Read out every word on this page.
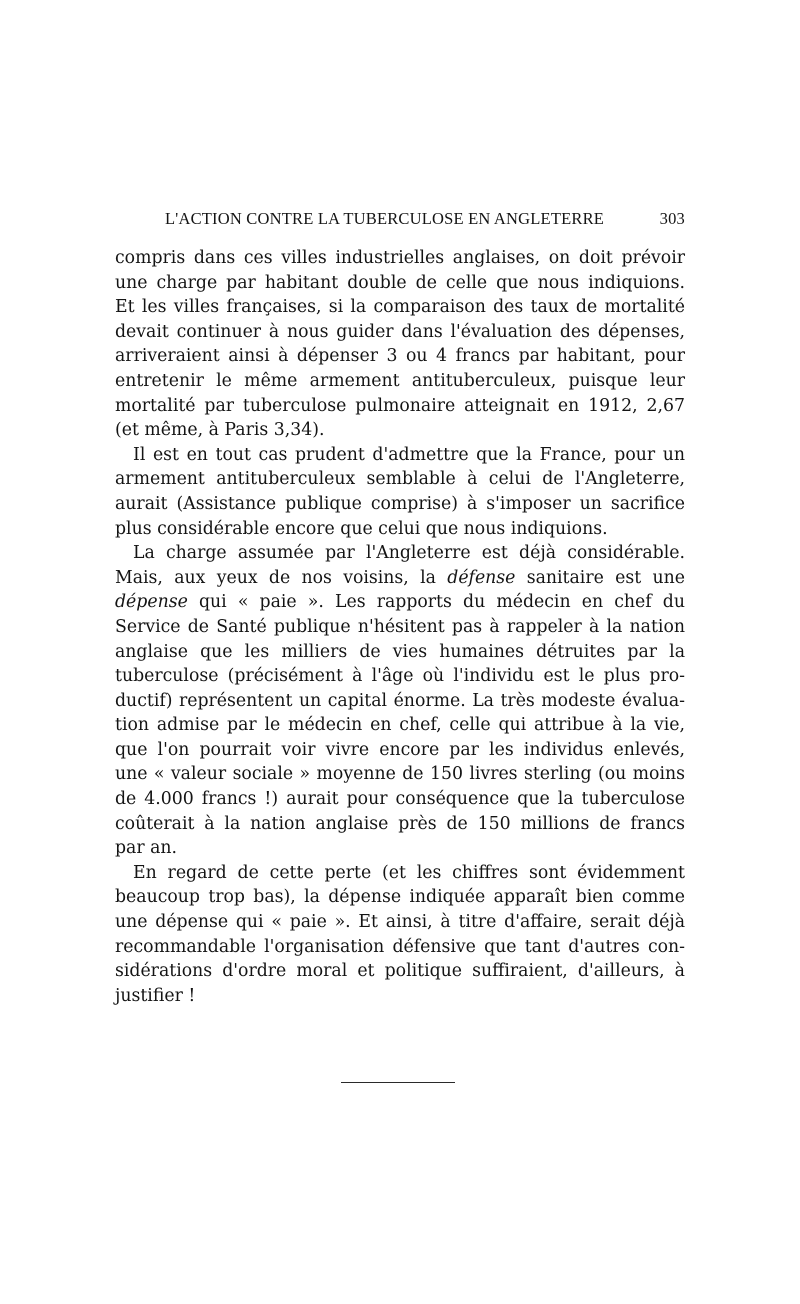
L'ACTION CONTRE LA TUBERCULOSE EN ANGLETERRE	303
compris dans ces villes industrielles anglaises, on doit prévoir
une charge par habitant double de celle que nous indiquions.
Et les villes françaises, si la comparaison des taux de mortalité
devait continuer à nous guider dans l'évaluation des dépenses,
arriveraient ainsi à dépenser 3 ou 4 francs par habitant, pour
entretenir le même armement antituberculeux, puisque leur
mortalité par tuberculose pulmonaire atteignait en 1912, 2,67
(et même, à Paris 3,34).
Il est en tout cas prudent d'admettre que la France, pour un
armement antituberculeux semblable à celui de l'Angleterre,
aurait (Assistance publique comprise) à s'imposer un sacrifice
plus considérable encore que celui que nous indiquions.
La charge assumée par l'Angleterre est déjà considérable.
Mais, aux yeux de nos voisins, la défense sanitaire est une
dépense qui « paie ». Les rapports du médecin en chef du
Service de Santé publique n'hésitent pas à rappeler à la nation
anglaise que les milliers de vies humaines détruites par la
tuberculose (précisément à l'âge où l'individu est le plus pro-
ductif) représentent un capital énorme. La très modeste évalua-
tion admise par le médecin en chef, celle qui attribue à la vie,
que l'on pourrait voir vivre encore par les individus enlevés,
une « valeur sociale » moyenne de 150 livres sterling (ou moins
de 4.000 francs !) aurait pour conséquence que la tuberculose
coûterait à la nation anglaise près de 150 millions de francs
par an.
En regard de cette perte (et les chiffres sont évidemment
beaucoup trop bas), la dépense indiquée apparaît bien comme
une dépense qui « paie ». Et ainsi, à titre d'affaire, serait déjà
recommandable l'organisation défensive que tant d'autres con-
sidérations d'ordre moral et politique suffiraient, d'ailleurs, à
justifier !
